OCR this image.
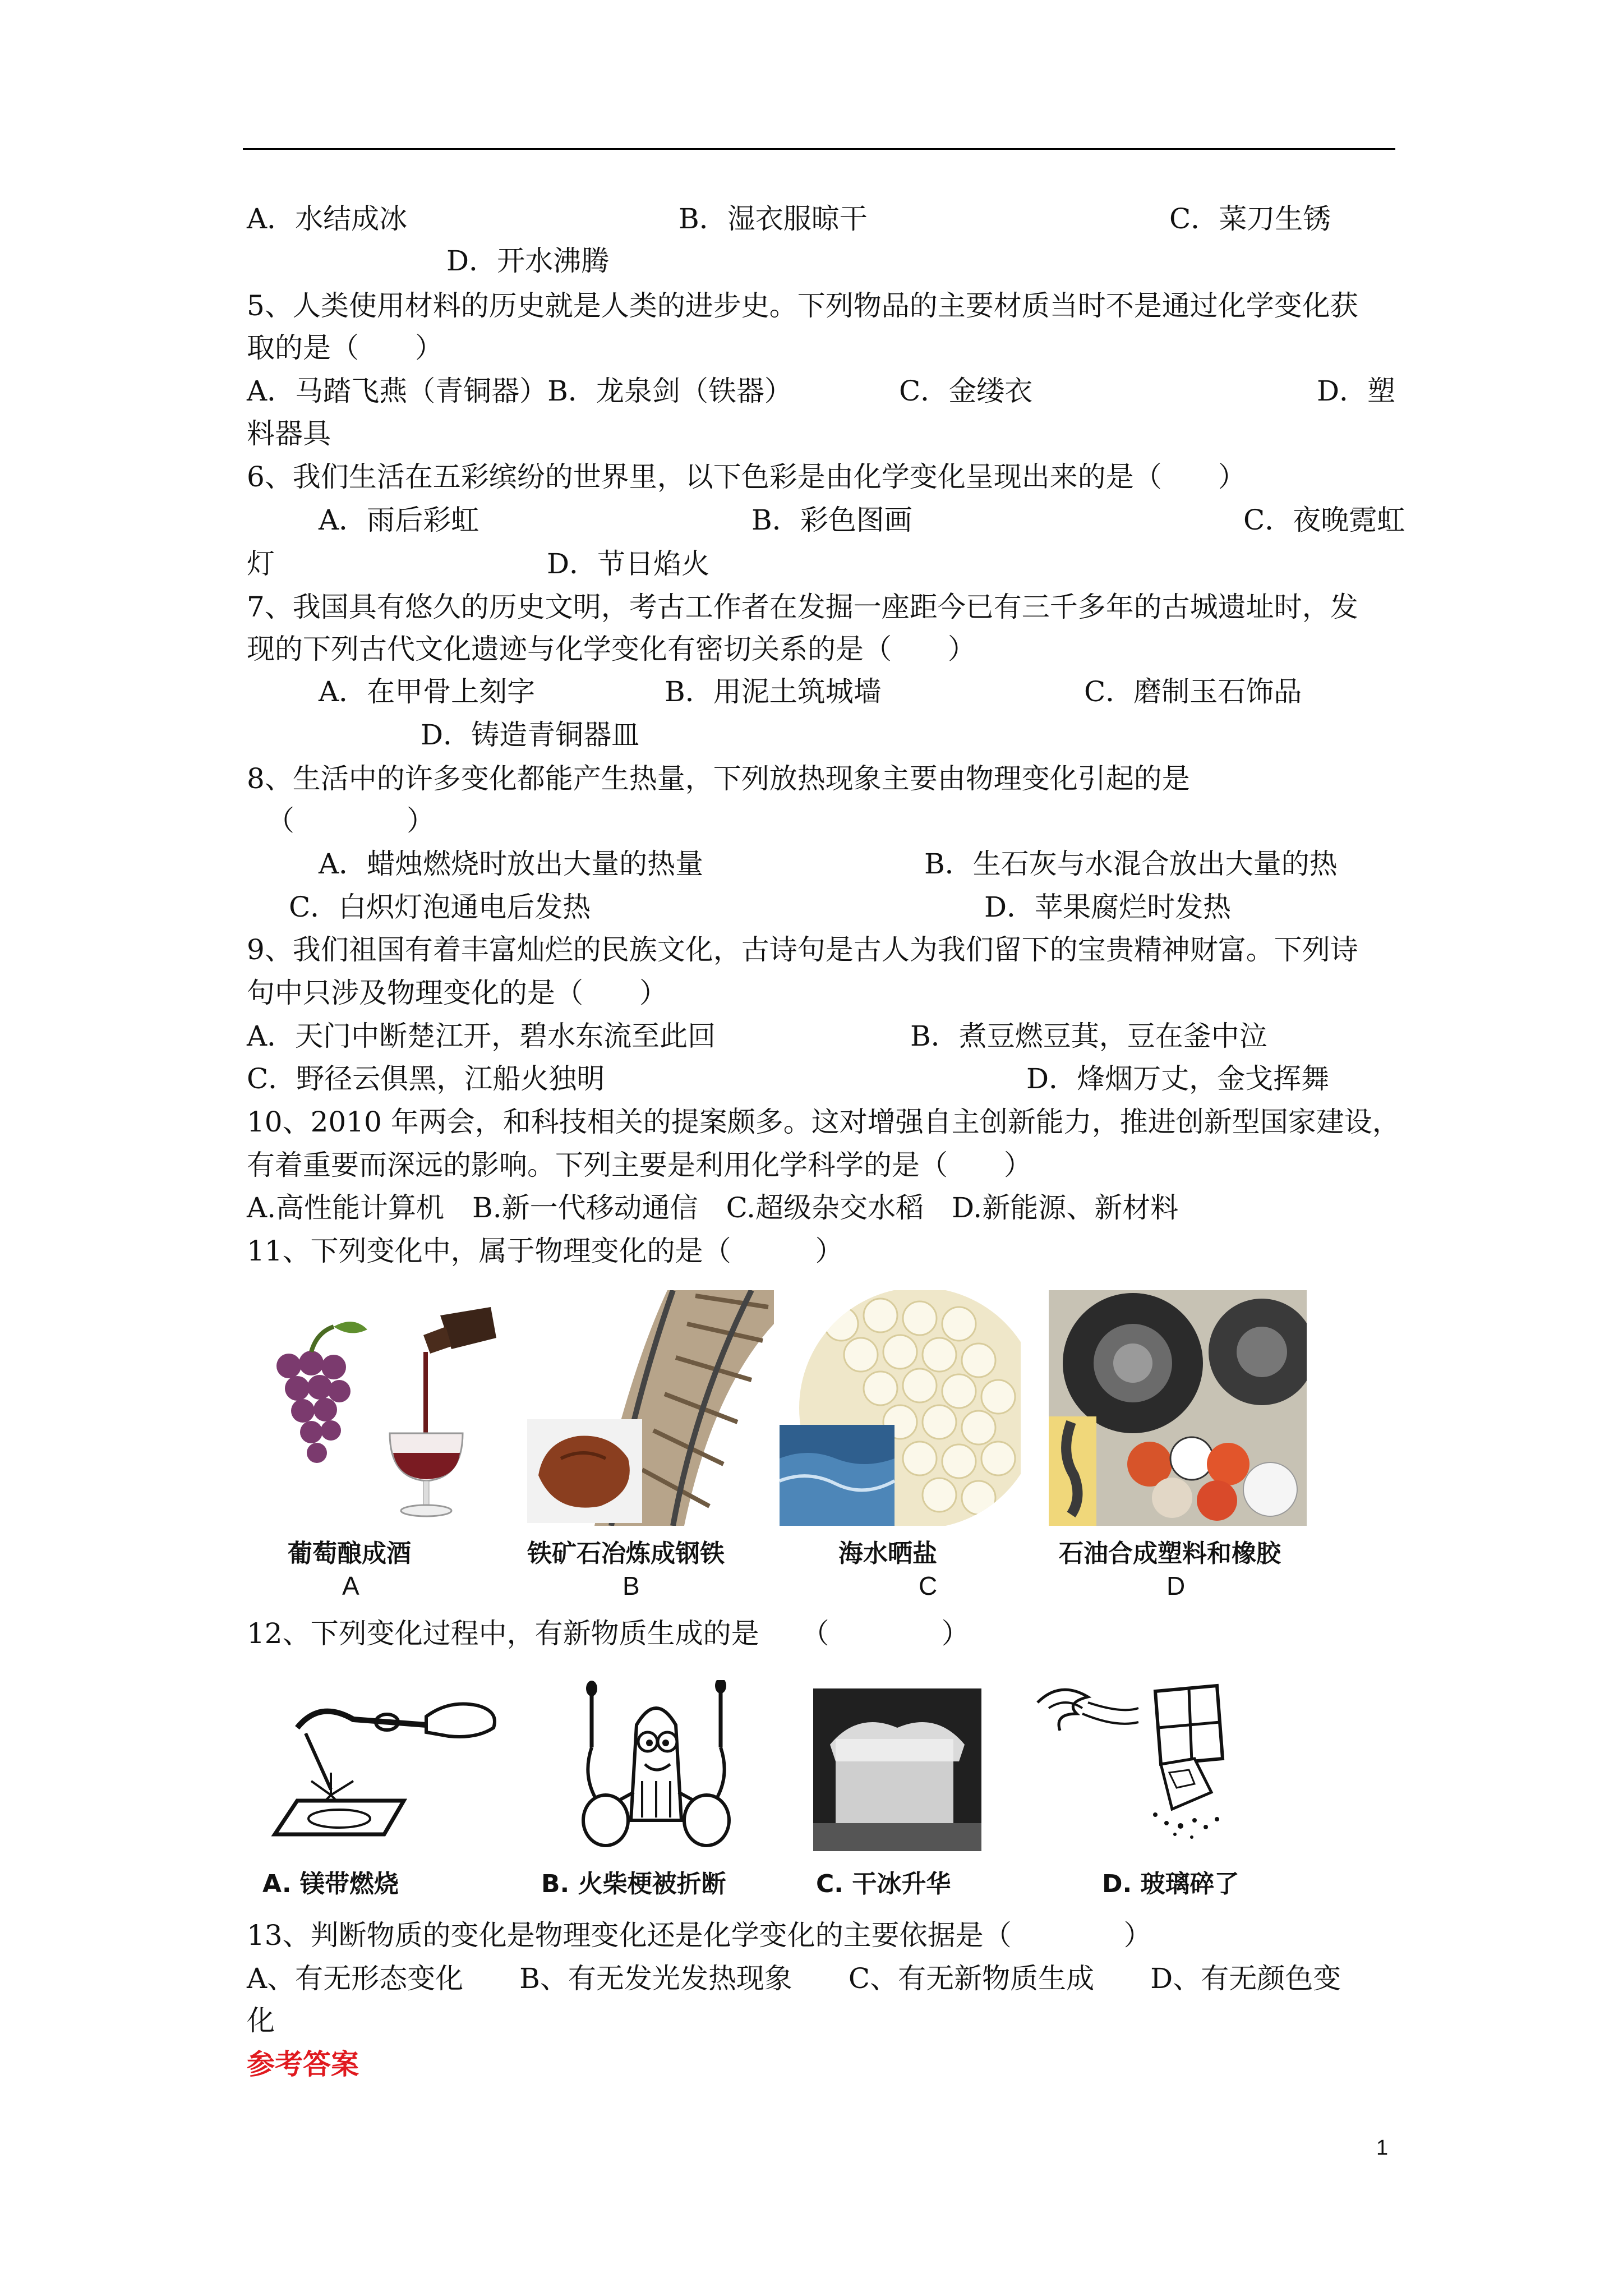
A．水结成冰	B．湿衣服晾干	C．菜刀生锈
D．开水沸腾
5、人类使用材料的历史就是人类的进步史。下列物品的主要材质当时不是通过化学变化获
取的是（　　）
A．马踏飞燕（青铜器）B．龙泉剑（铁器）	C．金缕衣	D．塑
料器具
6、我们生活在五彩缤纷的世界里，以下色彩是由化学变化呈现出来的是（　　）
A．雨后彩虹	B．彩色图画	C．夜晚霓虹
灯	D．节日焰火
7、我国具有悠久的历史文明，考古工作者在发掘一座距今已有三千多年的古城遗址时，发
现的下列古代文化遗迹与化学变化有密切关系的是（　　）
A．在甲骨上刻字	B．用泥土筑城墙	C．磨制玉石饰品
D．铸造青铜器皿
8、生活中的许多变化都能产生热量，下列放热现象主要由物理变化引起的是
（　　　　）
A．蜡烛燃烧时放出大量的热量	B．生石灰与水混合放出大量的热
C．白炽灯泡通电后发热	D．苹果腐烂时发热
9、我们祖国有着丰富灿烂的民族文化，古诗句是古人为我们留下的宝贵精神财富。下列诗
句中只涉及物理变化的是（　　）
A．天门中断楚江开，碧水东流至此回	B．煮豆燃豆萁，豆在釜中泣
C．野径云俱黑，江船火独明	D．烽烟万丈，金戈挥舞
10、2010 年两会，和科技相关的提案颇多。这对增强自主创新能力，推进创新型国家建设，
有着重要而深远的影响。下列主要是利用化学科学的是（　　）
A.高性能计算机　B.新一代移动通信　C.超级杂交水稻　D.新能源、新材料
11、下列变化中，属于物理变化的是（　　　）
葡萄酿成酒	铁矿石冶炼成钢铁	海水晒盐	石油合成塑料和橡胶
A	B	C	D
12、下列变化过程中，有新物质生成的是　　（　　　　）
A. 镁带燃烧	B. 火柴梗被折断	C. 干冰升华	D. 玻璃碎了
13、判断物质的变化是物理变化还是化学变化的主要依据是（　　　　）
A、有无形态变化　　B、有无发光发热现象　　C、有无新物质生成　　D、有无颜色变
化
参考答案
1
